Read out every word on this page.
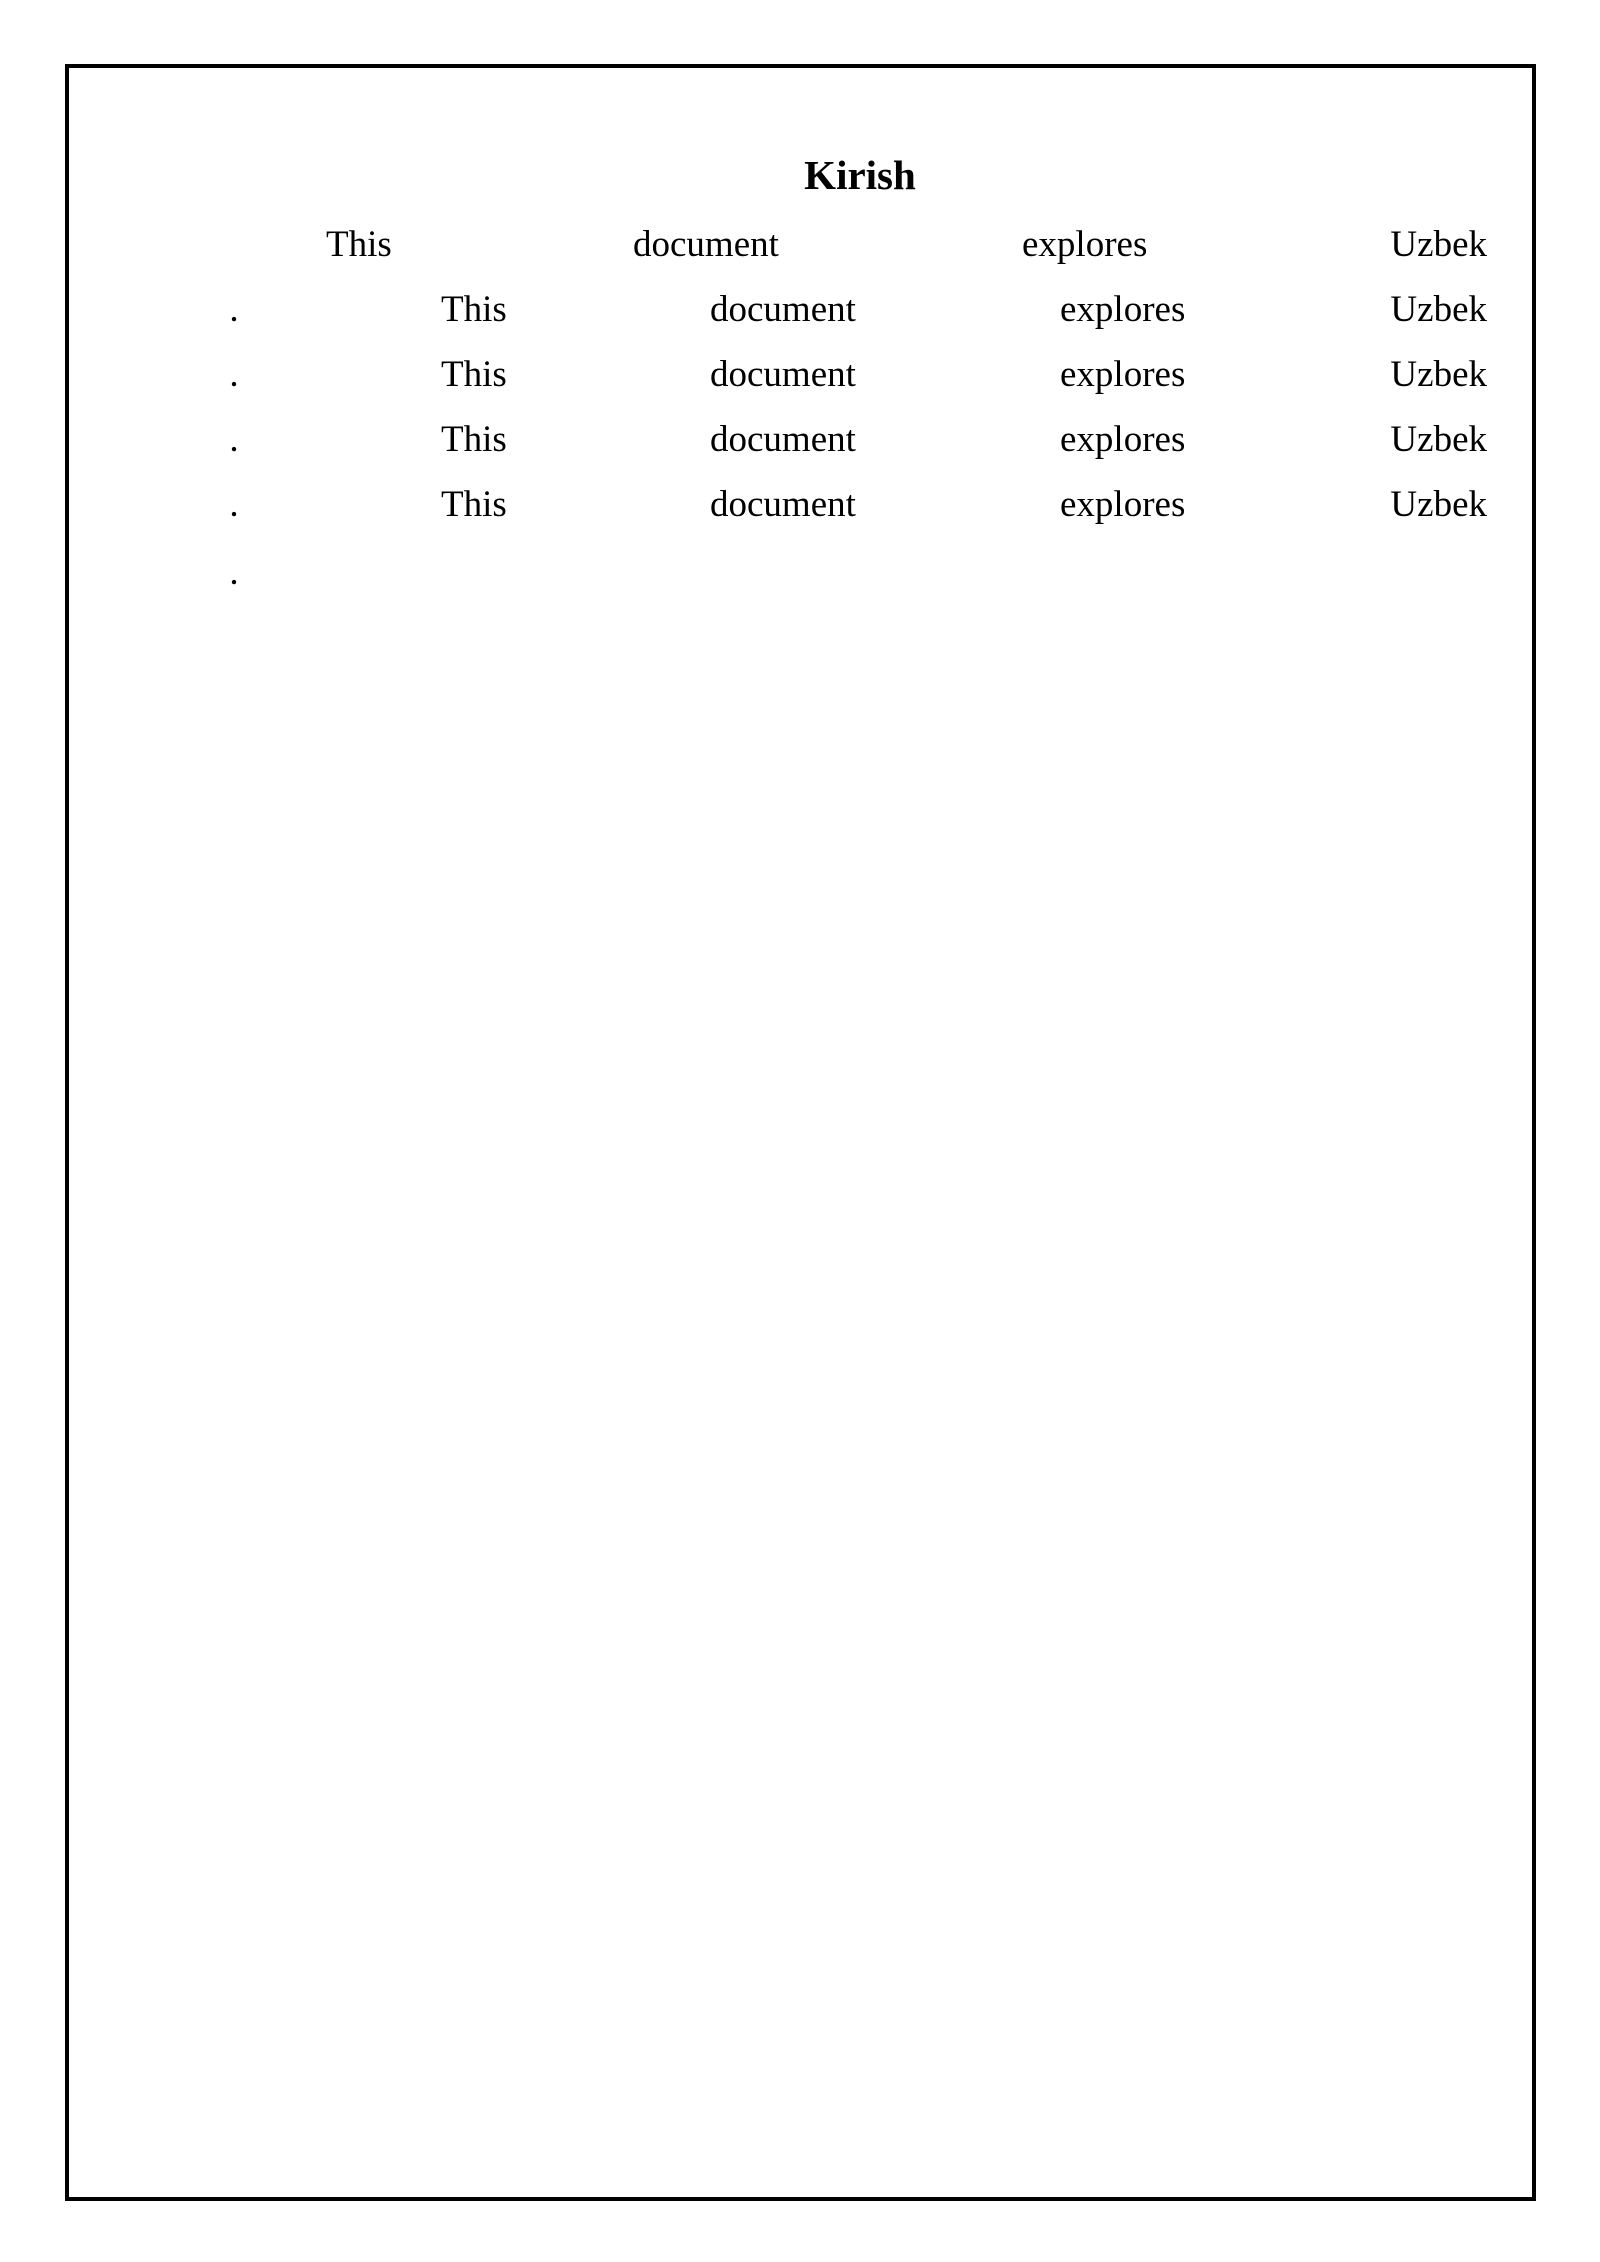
Kirish
This	document	explores	Uzbek
.	This	document	explores	Uzbek
.	This	document	explores	Uzbek
.	This	document	explores	Uzbek
.	This	document	explores	Uzbek
.
